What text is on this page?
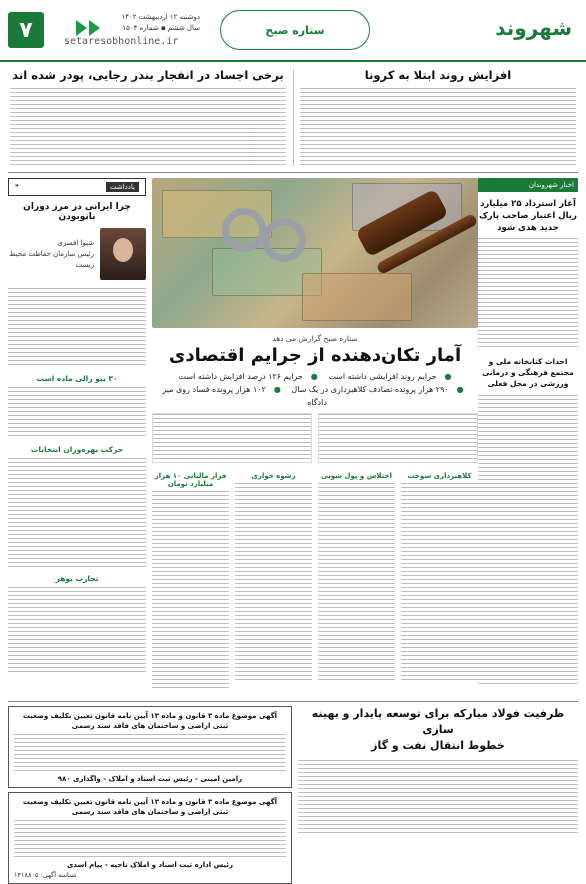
شهروند
ستاره صبح
دوشنبه ۱۲ اردیبهشت ۱۴۰۲
سال ششم ▪ شماره ۱۵۰۴
setaresobhonline.ir
۷
افزایش روند ابتلا به کرونا
برخی اجساد در انفجار بندر رجایی، پودر شده اند
اخبار شهروندان
آغاز استرداد ۲۵ میلیارد ریال اعتبار صاحب پارک جدید هدی شود
احداث کتابخانه ملی و مجتمع فرهنگی و درمانی ورزشی در محل فعلی
ستاره صبح گزارش می دهد
آمار تکان‌دهنده از جرایم اقتصادی
●جرایم روند افزایشی داشته است ●جرایم ۱۲۶ درصد افزایش داشته است
●۲۹۰ هزار پرونده تصادف کلاهبرداری در یک سال ●۱۰۲ هزار پرونده فساد روی میز دادگاه
کلاهبرداری سوخت
اختلاس و پول شویی
رشوه خواری
فرار مالیاتی ۱۰ هزار میلیارد تومان
یادداشت
❝
چرا ایرانی در مرز دوران بانوبودن
شیوا افسری
رئیس سازمان حفاظت محیط زیست
۳۰ بیو زالی ماده است
حرکت بهره‌وران انتخابات
تجارب بوهر
ظرفیت فولاد مبارکه برای توسعه پایدار و بهینه سازی
خطوط انتقال نفت و گاز
آگهی موضوع ماده ۳ قانون و ماده ۱۳ آیین نامه قانون تعیین تکلیف وضعیت ثبتی اراضی و ساختمان های فاقد سند رسمی
رامین امینی - رئیس ثبت اسناد و املاک - واگذاری ۹۸۰
آگهی موضوع ماده ۳ قانون و ماده ۱۳ آیین نامه قانون تعیین تکلیف وضعیت ثبتی اراضی و ساختمان های فاقد سند رسمی
رئیس اداره ثبت اسناد و املاک ناحیه - پیام اسدی
شناسه آگهی: ۱۴۱۸۸۰۵
